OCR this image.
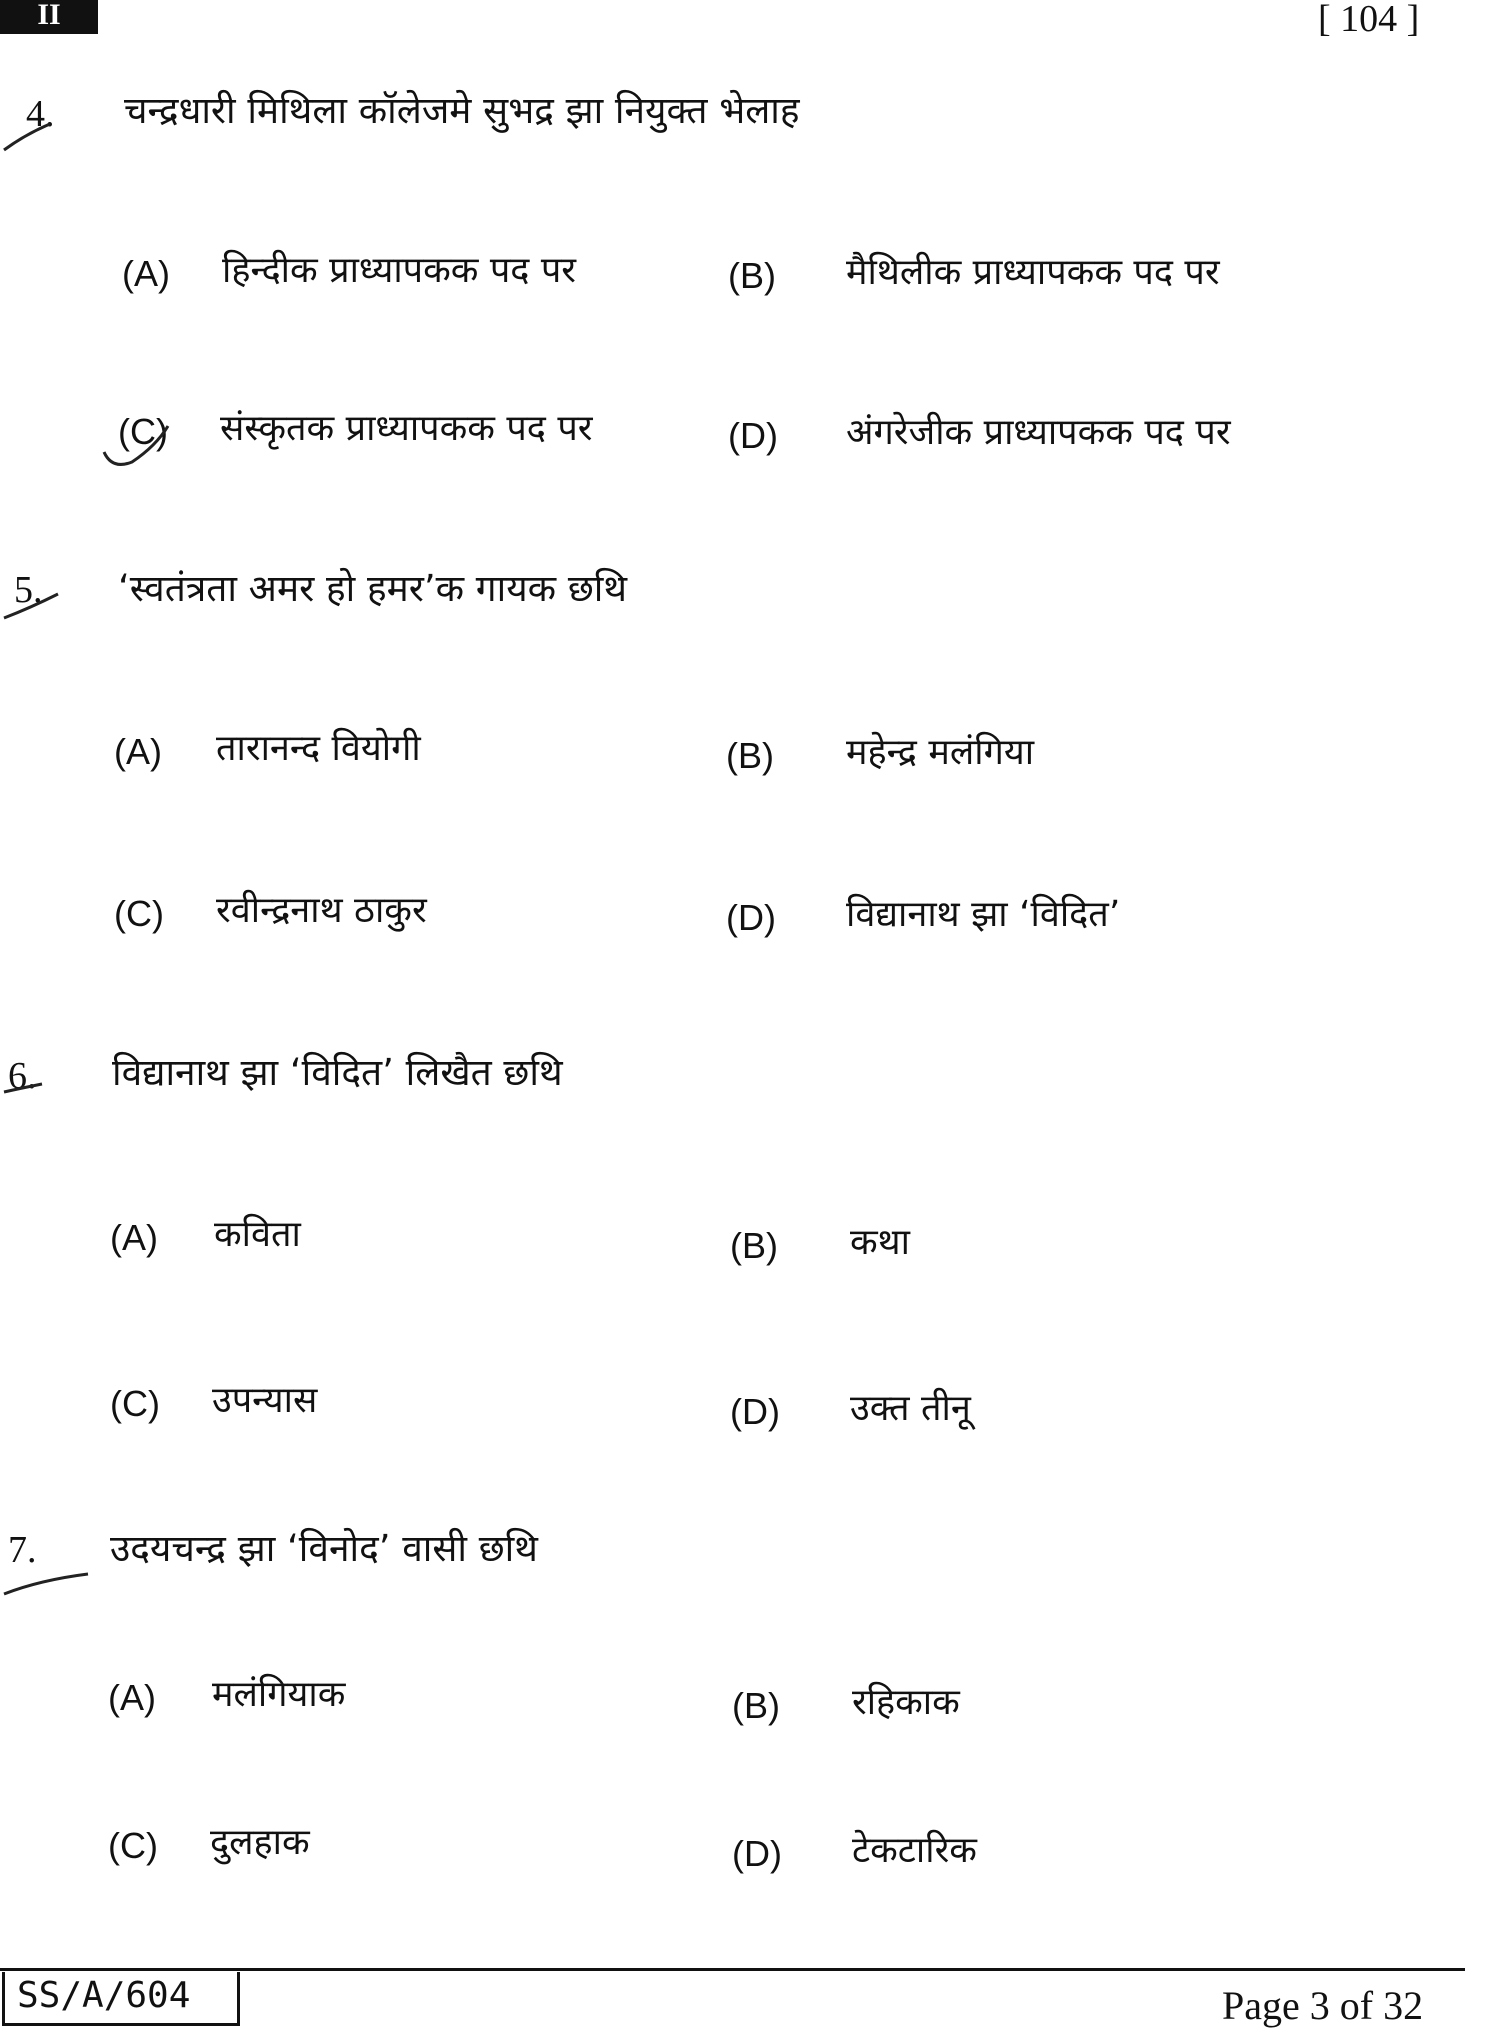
II	[ 104 ]
4. चन्द्रधारी मिथिला कॉलेजमे सुभद्र झा नियुक्त भेलाह
(A) हिन्दीक प्राध्यापकक पद पर	(B) मैथिलीक प्राध्यापकक पद पर
(C) संस्कृतक प्राध्यापकक पद पर	(D) अंगरेजीक प्राध्यापकक पद पर
5. ‘स्वतंत्रता अमर हो हमर’क गायक छथि
(A) तारानन्द वियोगी	(B) महेन्द्र मलंगिया
(C) रवीन्द्रनाथ ठाकुर	(D) विद्यानाथ झा ‘विदित’
6. विद्यानाथ झा ‘विदित’ लिखैत छथि
(A) कविता	(B) कथा
(C) उपन्यास	(D) उक्त तीनू
7. उदयचन्द्र झा ‘विनोद’ वासी छथि
(A) मलंगियाक	(B) रहिकाक
(C) दुलहाक	(D) टेकटारिक
SS/A/604	Page 3 of 32
